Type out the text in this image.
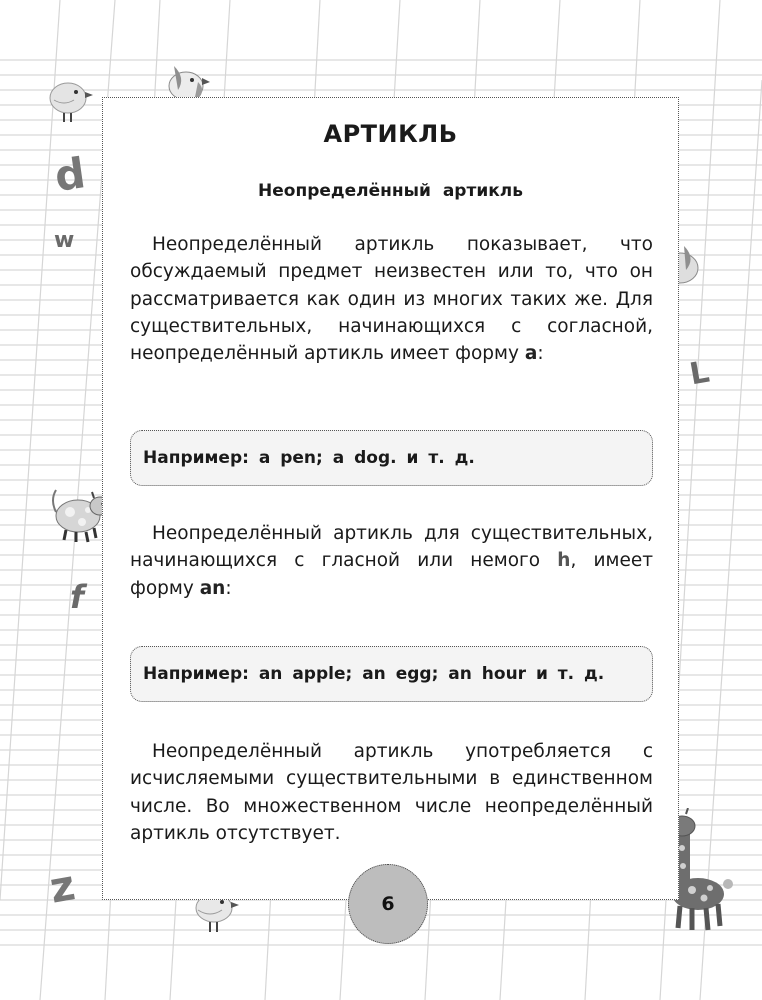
d
w
L
f
z
АРТИКЛЬ
Неопределённый артикль

Неопределённый артикль показывает, что обсуждаемый предмет неизвестен или то, что он рассматривается как один из многих таких же. Для существительных, начинающихся с согласной, неопределённый артикль имеет форму a:

Например: a pen; a dog. и т. д.

Неопределённый артикль для существительных, начинающихся с гласной или немого h, имеет форму an:

Например: an apple; an egg; an hour и т. д.

Неопределённый артикль употребляется с исчисляемыми существительными в единственном числе. Во множественном числе неопределённый артикль отсутствует.

6
